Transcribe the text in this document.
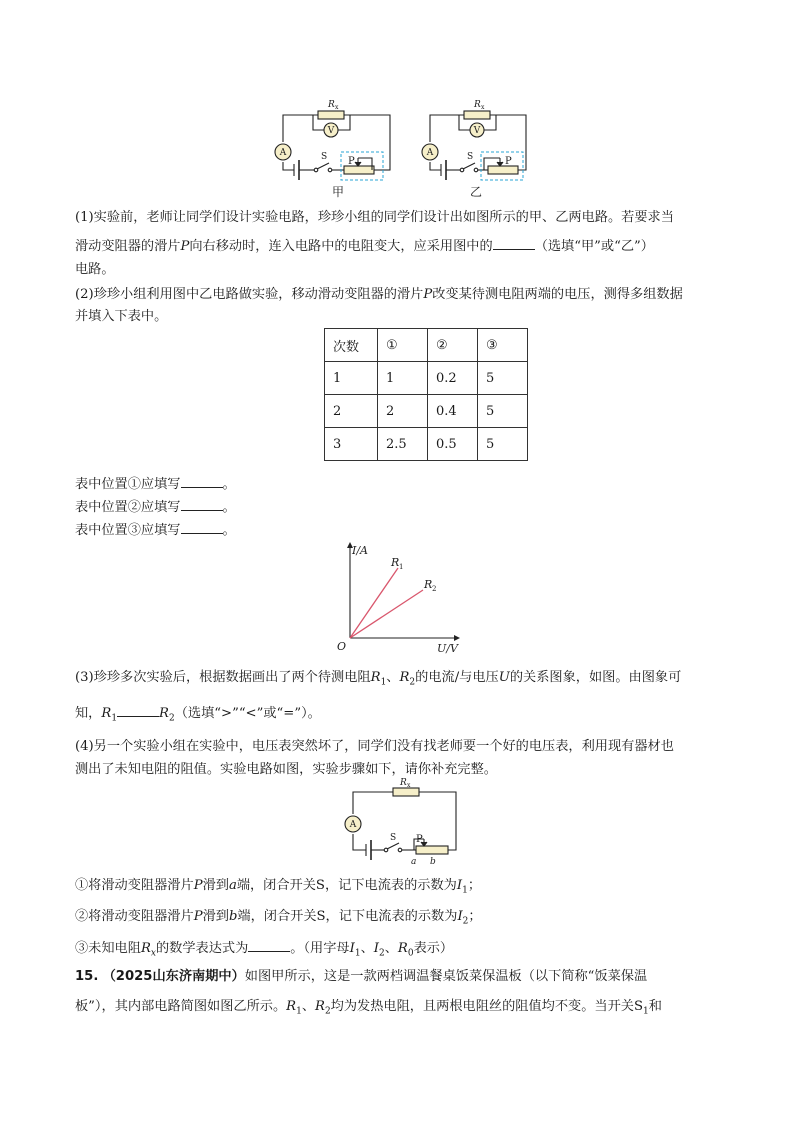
A	A
V	V
R x	R x
S	S
P	P
甲	乙
(1)实验前，老师让同学们设计实验电路，珍珍小组的同学们设计出如图所示的甲、乙两电路。若要求当
滑动变阻器的滑片P向右移动时，连入电路中的电阻变大，应采用图中的	（选填“甲”或“乙”）
电路。
(2)珍珍小组利用图中乙电路做实验，移动滑动变阻器的滑片P改变某待测电阻两端的电压，测得多组数据
并填入下表中。
次数	①	②	③
1	1	0.2	5
2	2	0.4	5
3	2.5	0.5	5
表中位置①应填写	。
表中位置②应填写	。
表中位置③应填写	。
I/A
U/V
O
R 1
R 2
(3)珍珍多次实验后，根据数据画出了两个待测电阻$R_1$、$R_2$的电流/与电压U的关系图象，如图。由图象可
知，$R_1$	$R_2$（选填“>”“<”或“=”）。
(4)另一个实验小组在实验中，电压表突然坏了，同学们没有找老师要一个好的电压表，利用现有器材也
测出了未知电阻的阻值。实验电路如图，实验步骤如下，请你补充完整。
A
R x
S P
a b
①将滑动变阻器滑片P滑到a端，闭合开关S，记下电流表的示数为$I_1$；
②将滑动变阻器滑片P滑到b端，闭合开关S，记下电流表的示数为$I_2$；
③未知电阻$R_x$的数学表达式为	。（用字母$I_1$、$I_2$、$R_0$表示）
15. （2025山东济南期中）如图甲所示，这是一款两档调温餐桌饭菜保温板（以下简称“饭菜保温
板”），其内部电路简图如图乙所示。$R_1$、$R_2$均为发热电阻，且两根电阻丝的阻值均不变。当开关$S_1$和
